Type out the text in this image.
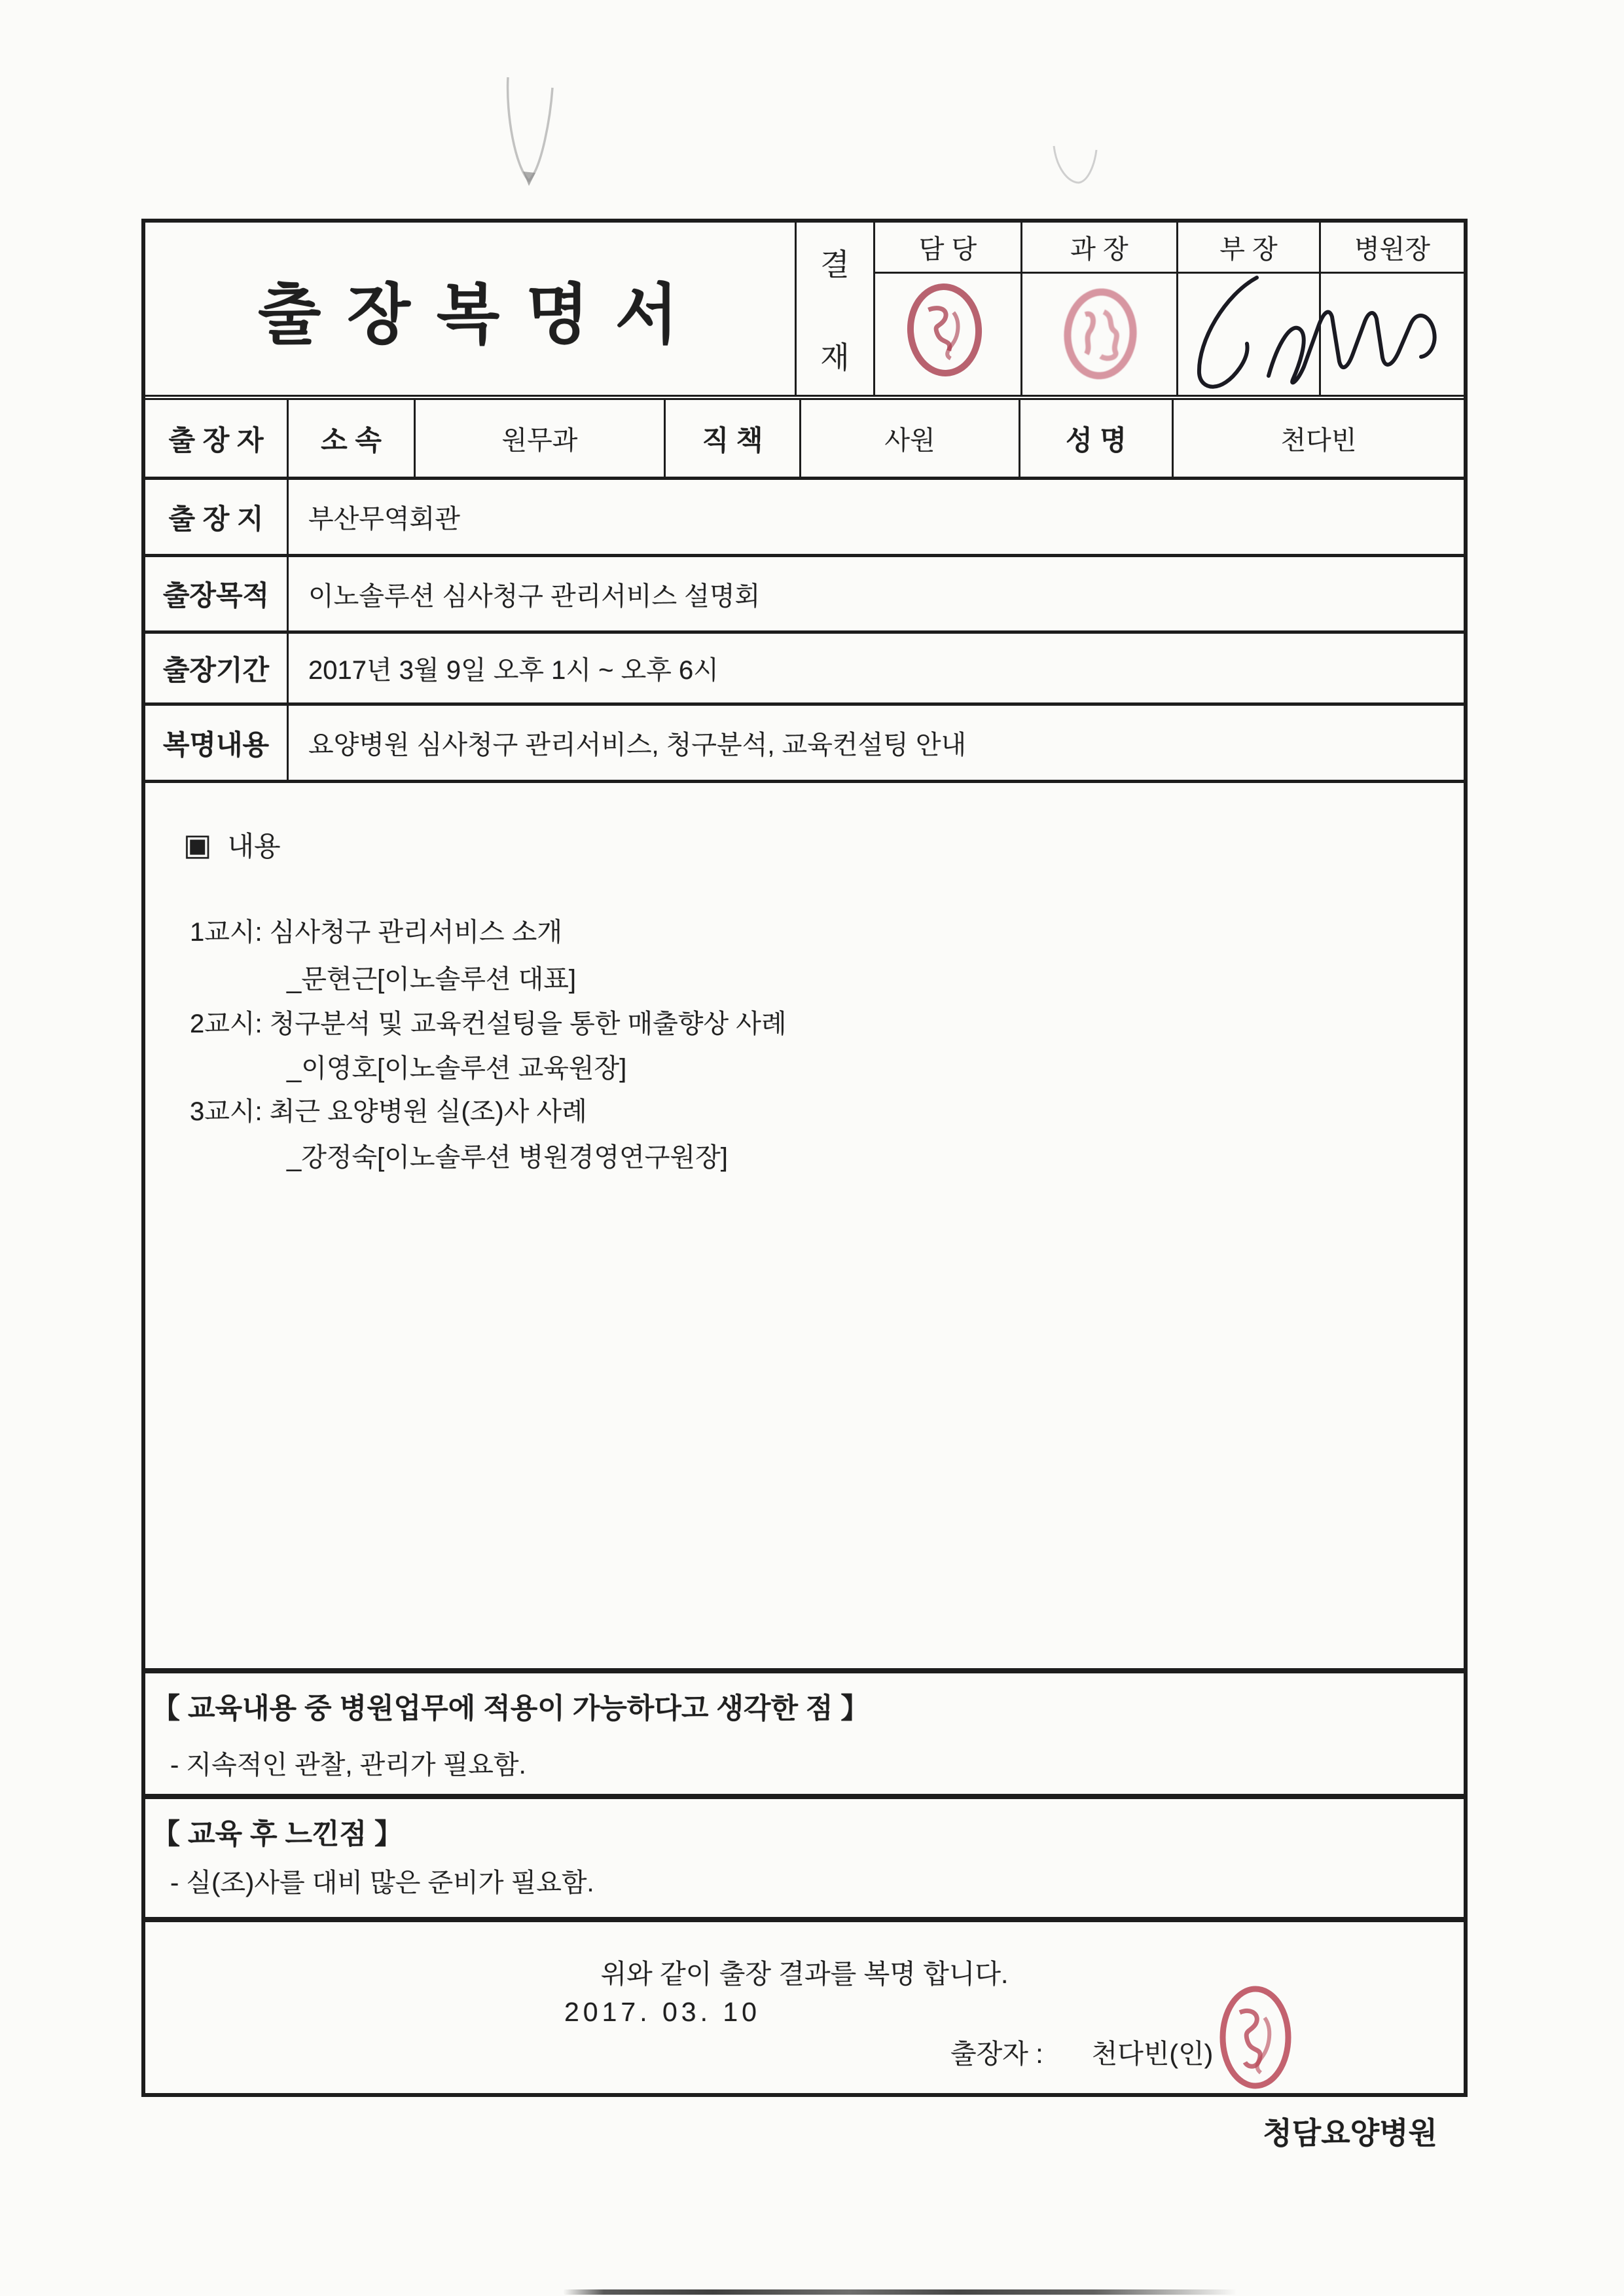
출 장 복 명 서
결
재
담 당	과 장	부 장	병원장
출 장 자	소 속	원무과	직 책	사원	성 명	천다빈
출 장 지	부산무역회관
출장목적	이노솔루션 심사청구 관리서비스 설명회
출장기간	2017년 3월 9일 오후 1시 ~ 오후 6시
복명내용	요양병원 심사청구 관리서비스, 청구분석, 교육컨설팅 안내
▣ 내용
1교시: 심사청구 관리서비스 소개
_문현근[이노솔루션 대표]
2교시: 청구분석 및 교육컨설팅을 통한 매출향상 사례
_이영호[이노솔루션 교육원장]
3교시: 최근 요양병원 실(조)사 사례
_강정숙[이노솔루션 병원경영연구원장]
【 교육내용 중 병원업무에 적용이 가능하다고 생각한 점 】
- 지속적인 관찰, 관리가 필요함.
【 교육 후 느낀점 】
- 실(조)사를 대비 많은 준비가 필요함.
위와 같이 출장 결과를 복명 합니다.
2017. 03. 10
출장자 : 천다빈(인)
청담요양병원
